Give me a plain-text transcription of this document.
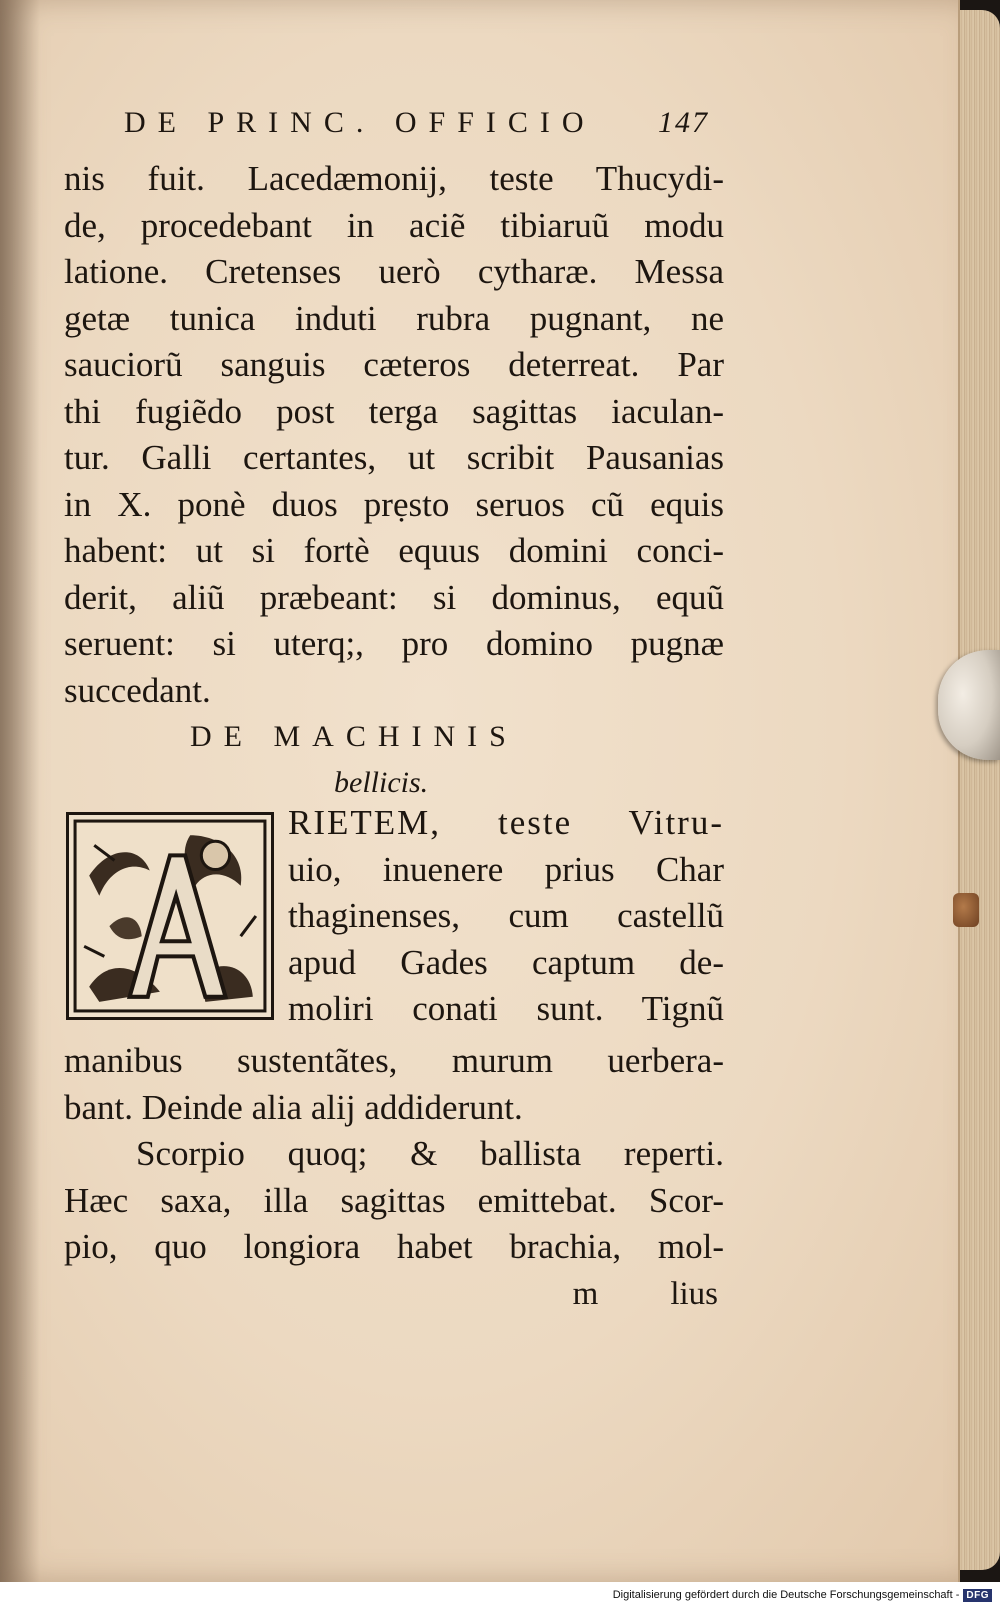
DE PRINC. OFFICIO	147
nis fuit. Lacedæmonij, teste Thucydi-
de, procedebant in aciẽ tibiaruũ modu
latione. Cretenses uerò cytharæ. Messa
getæ tunica induti rubra pugnant, ne
sauciorũ sanguis cæteros deterreat. Par
thi fugiẽdo post terga sagittas iaculan-
tur. Galli certantes, ut scribit Pausanias
in X. ponè duos prẹsto seruos cũ equis
habent: ut si fortè equus domini conci-
derit, aliũ præbeant: si dominus, equũ
seruent: si uterq;, pro domino pugnæ
succedant.
DE MACHINIS
bellicis.
RIETEM, teste Vitru-
uio, inuenere prius Char
thaginenses, cum castellũ
apud Gades captum de-
moliri conati sunt. Tignũ
manibus sustentãtes, murum uerbera-
bant. Deinde alia alij addiderunt.
Scorpio quoq; & ballista reperti.
Hæc saxa, illa sagittas emittebat. Scor-
pio, quo longiora habet brachia, mol-
m lius
Digitalisierung gefördert durch die Deutsche Forschungsgemeinschaft - DFG
